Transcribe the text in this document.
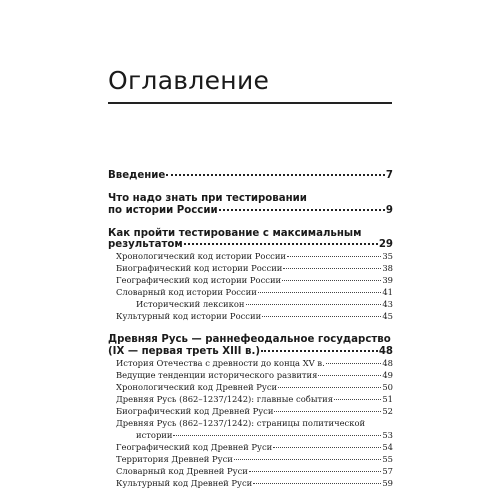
Оглавление
Введение	7
Что надо знать при тестировании
по истории России	9
Как пройти тестирование с максимальным
результатом	29
Хронологический код истории России	35
Биографический код истории России	38
Географический код истории России	39
Словарный код истории России	41
Исторический лексикон	43
Культурный код истории России	45
Древняя Русь — раннефеодальное государство
(IX — первая треть XIII в.)	48
История Отечества с древности до конца XV в.	48
Ведущие тенденции исторического развития	49
Хронологический код Древней Руси	50
Древняя Русь (862–1237/1242): главные события	51
Биографический код Древней Руси	52
Древняя Русь (862–1237/1242): страницы политической
истории	53
Географический код Древней Руси	54
Территория Древней Руси	55
Словарный код Древней Руси	57
Культурный код Древней Руси	59
